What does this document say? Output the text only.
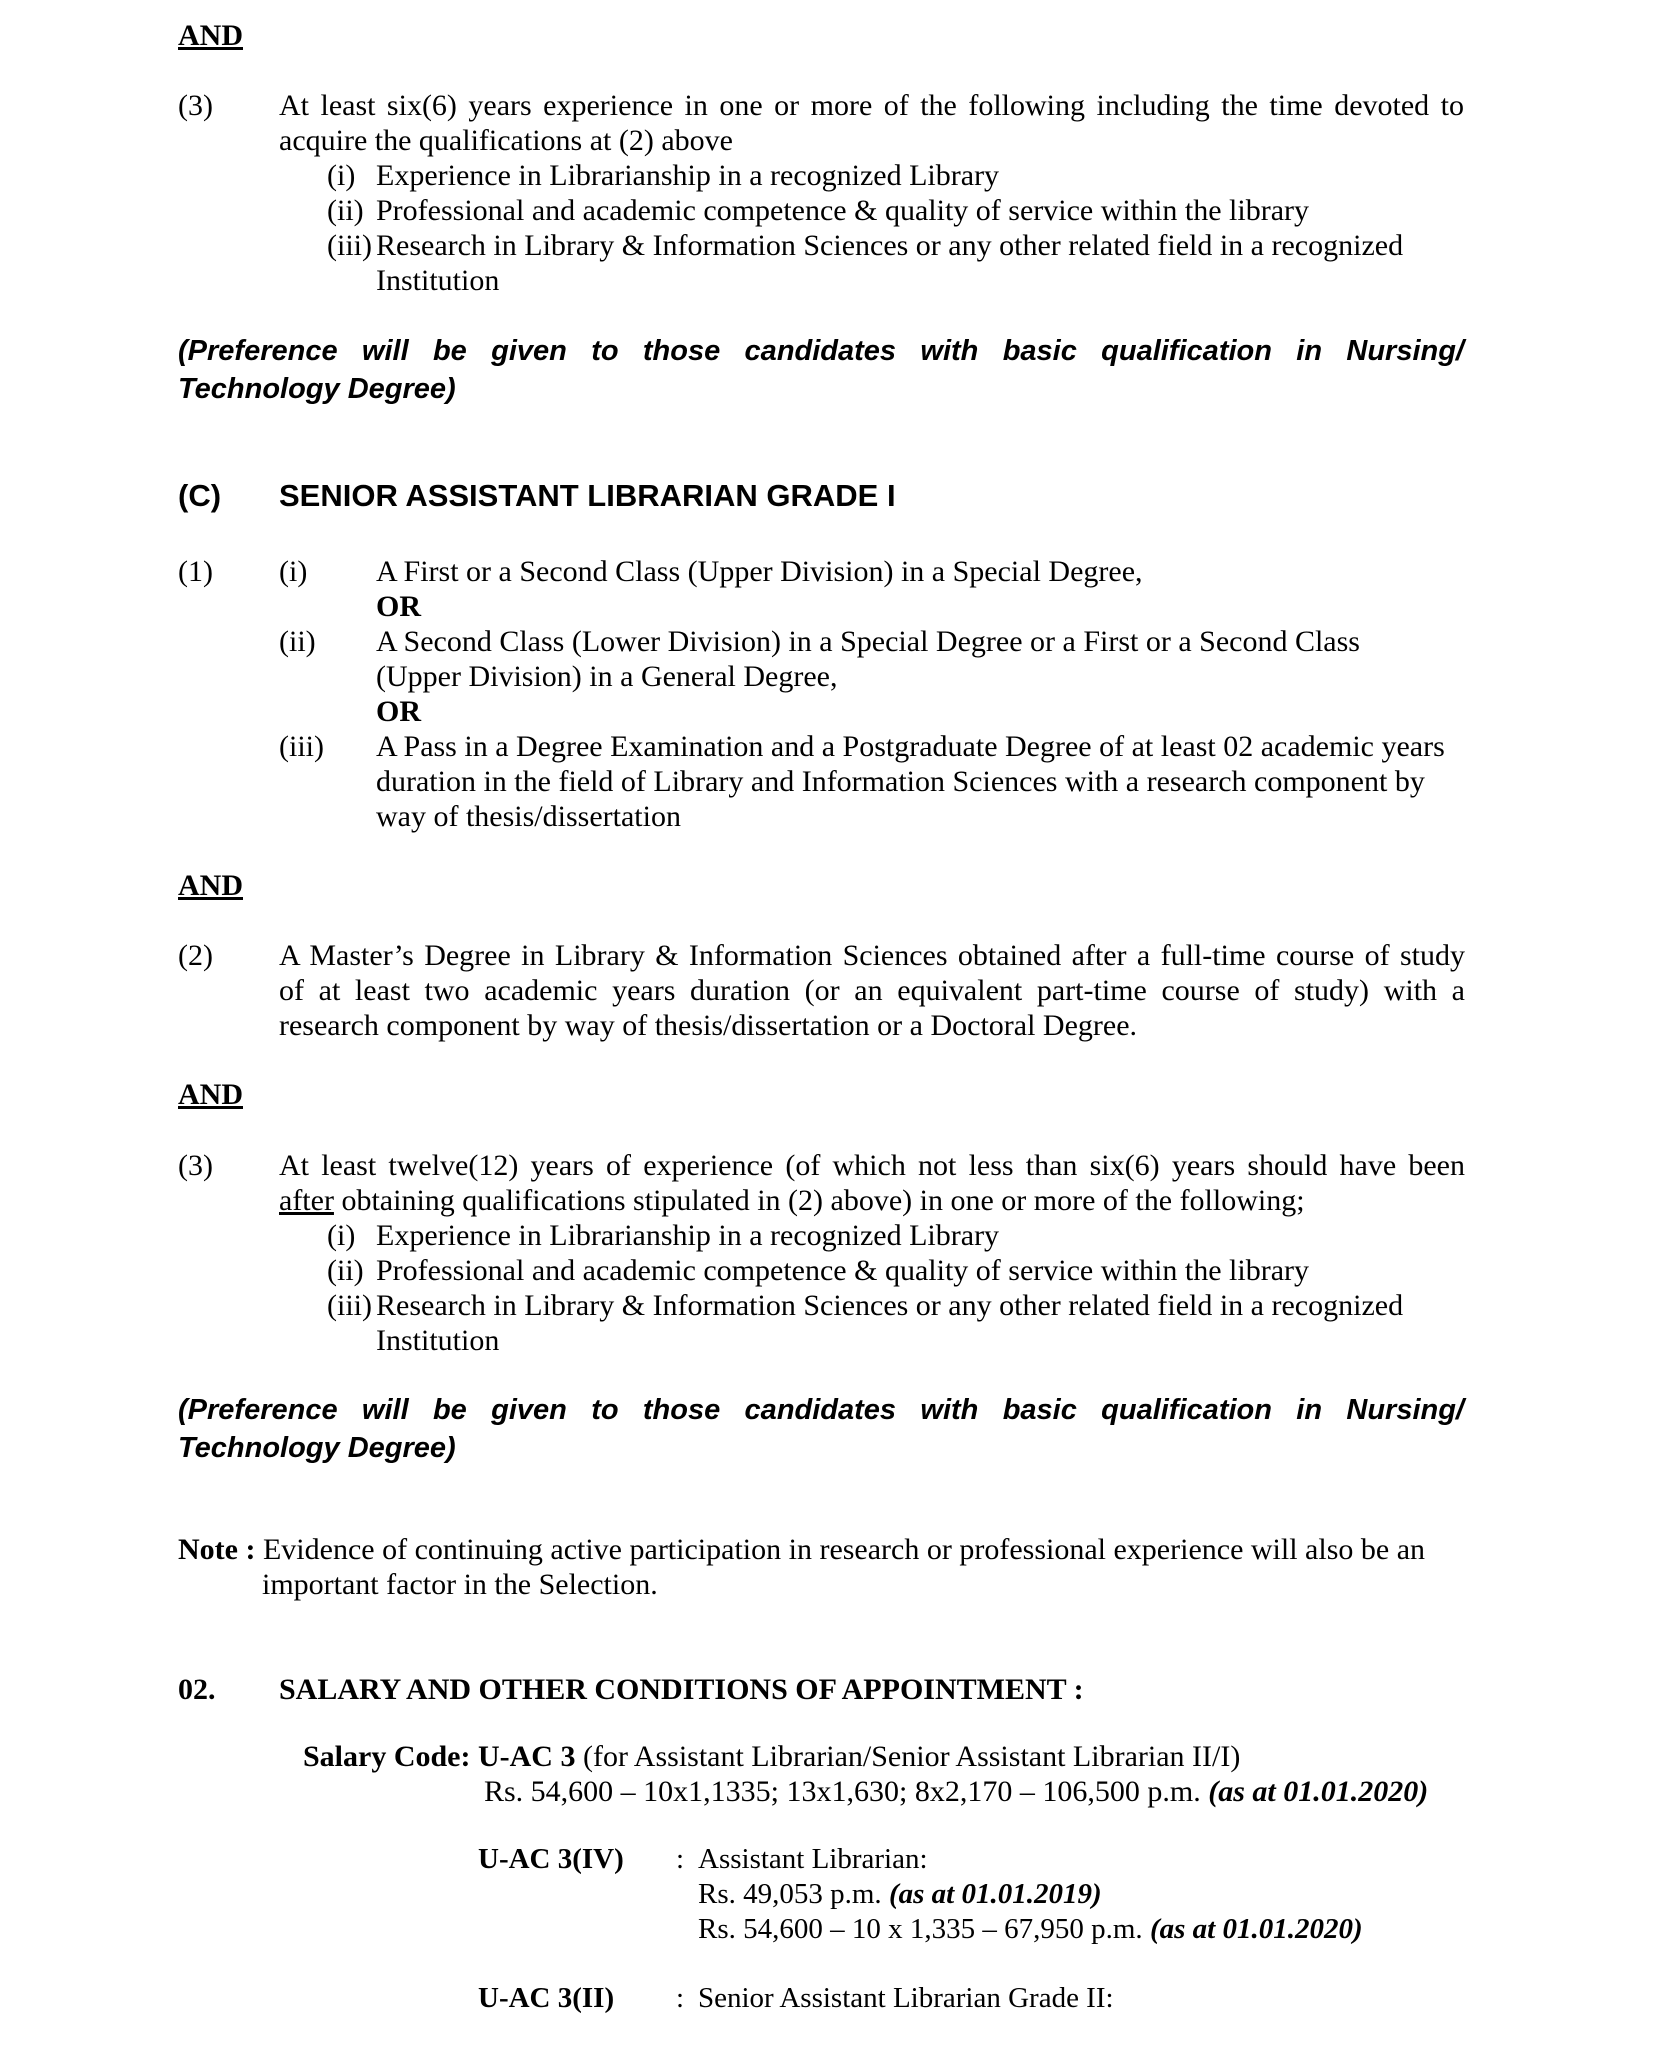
AND
(3) At least six(6) years experience in one or more of the following including the time devoted to
acquire the qualifications at (2) above
(i) Experience in Librarianship in a recognized Library
(ii) Professional and academic competence & quality of service within the library
(iii) Research in Library & Information Sciences or any other related field in a recognized
Institution
(Preference will be given to those candidates with basic qualification in Nursing/
Technology Degree)
(C) SENIOR ASSISTANT LIBRARIAN GRADE I
(1) (i) A First or a Second Class (Upper Division) in a Special Degree,
OR
(ii) A Second Class (Lower Division) in a Special Degree or a First or a Second Class
(Upper Division) in a General Degree,
OR
(iii) A Pass in a Degree Examination and a Postgraduate Degree of at least 02 academic years
duration in the field of Library and Information Sciences with a research component by
way of thesis/dissertation
AND
(2) A Master’s Degree in Library & Information Sciences obtained after a full-time course of study
of at least two academic years duration (or an equivalent part-time course of study) with a
research component by way of thesis/dissertation or a Doctoral Degree.
AND
(3) At least twelve(12) years of experience (of which not less than six(6) years should have been
after obtaining qualifications stipulated in (2) above) in one or more of the following;
(i) Experience in Librarianship in a recognized Library
(ii) Professional and academic competence & quality of service within the library
(iii) Research in Library & Information Sciences or any other related field in a recognized
Institution
(Preference will be given to those candidates with basic qualification in Nursing/
Technology Degree)
Note : Evidence of continuing active participation in research or professional experience will also be an
important factor in the Selection.
02. SALARY AND OTHER CONDITIONS OF APPOINTMENT :
Salary Code: U-AC 3 (for Assistant Librarian/Senior Assistant Librarian II/I)
Rs. 54,600 – 10x1,1335; 13x1,630; 8x2,170 – 106,500 p.m. (as at 01.01.2020)
U-AC 3(IV) : Assistant Librarian:
Rs. 49,053 p.m. (as at 01.01.2019)
Rs. 54,600 – 10 x 1,335 – 67,950 p.m. (as at 01.01.2020)
U-AC 3(II) : Senior Assistant Librarian Grade II:
